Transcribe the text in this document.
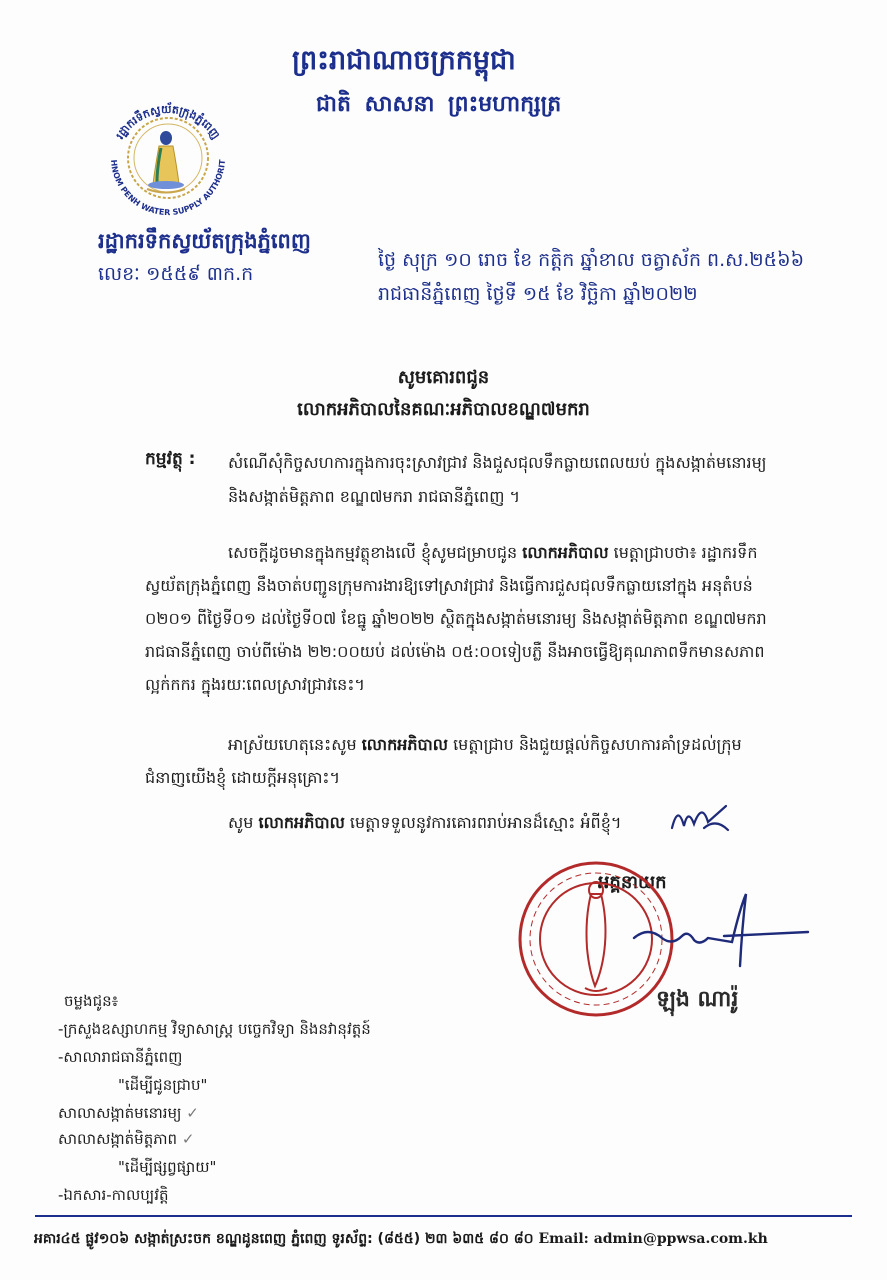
រដ្ឋាករទឹកស្វយ័តក្រុងភ្នំពេញ
HNOM PENH WATER SUPPLY AUTHORIT
ព្រះរាជាណាចក្រកម្ពុជា
ជាតិ សាសនា ព្រះមហាក្សត្រ
រដ្ឋាករទឹកស្វយ័តក្រុងភ្នំពេញ
លេខៈ ១៥៥៩ ៣ក.ក
ថ្ងៃ សុក្រ ១០ រោច ខែ កត្តិក ឆ្នាំខាល ចត្វាស័ក ព.ស.២៥៦៦
រាជធានីភ្នំពេញ ថ្ងៃទី ១៥ ខែ វិច្ឆិកា ឆ្នាំ២០២២
សូមគោរពជូន
លោកអភិបាលនៃគណៈអភិបាលខណ្ឌ៧មករា
កម្មវត្ថុ : សំណើសុំកិច្ចសហការក្នុងការចុះស្រាវជ្រាវ និងជួសជុលទឹកធ្លាយពេលយប់ ក្នុងសង្កាត់មនោរម្យ
និងសង្កាត់មិត្តភាព ខណ្ឌ៧មករា រាជធានីភ្នំពេញ ។
សេចក្តីដូចមានក្នុងកម្មវត្ថុខាងលើ ខ្ញុំសូមជម្រាបជូន លោកអភិបាល មេត្តាជ្រាបថា៖ រដ្ឋាករទឹក
ស្វយ័តក្រុងភ្នំពេញ នឹងចាត់បញ្ជូនក្រុមការងារឱ្យទៅស្រាវជ្រាវ និងធ្វើការជួសជុលទឹកធ្លាយនៅក្នុង អនុតំបន់
០២០១ ពីថ្ងៃទី០១ ដល់ថ្ងៃទី០៧ ខែធ្នូ ឆ្នាំ២០២២ ស្ថិតក្នុងសង្កាត់មនោរម្យ និងសង្កាត់មិត្តភាព ខណ្ឌ៧មករា
រាជធានីភ្នំពេញ ចាប់ពីម៉ោង ២២:០០យប់ ដល់ម៉ោង ០៥:០០ទៀបភ្លឺ នឹងអាចធ្វើឱ្យគុណភាពទឹកមានសភាព
ល្អក់កករ ក្នុងរយៈពេលស្រាវជ្រាវនេះ។
អាស្រ័យហេតុនេះសូម លោកអភិបាល មេត្តាជ្រាប និងជួយផ្តល់កិច្ចសហការគាំទ្រដល់ក្រុម
ជំនាញយើងខ្ញុំ ដោយក្តីអនុគ្រោះ។
សូម លោកអភិបាល មេត្តាទទួលនូវការគោរពរាប់អានដ៏ស្មោះ អំពីខ្ញុំ។
អគ្គនាយក
ឡុង ណារ៉ូ
ចម្លងជូន៖
-ក្រសួងឧស្សាហកម្ម វិទ្យាសាស្ត្រ បច្ចេកវិទ្យា និងនវានុវត្តន៍
-សាលារាជធានីភ្នំពេញ
"ដើម្បីជូនជ្រាប"
សាលាសង្កាត់មនោរម្យ ✓
សាលាសង្កាត់មិត្តភាព ✓
"ដើម្បីផ្សព្វផ្សាយ"
-ឯកសារ-កាលប្បវត្តិ
អគារ៤៥ ផ្លូវ១០៦ សង្កាត់ស្រះចក ខណ្ឌដូនពេញ ភ្នំពេញ ទូរស័ព្ទ: (៨៥៥) ២៣ ៦៣៥ ៨០ ៨០ Email: admin@ppwsa.com.kh
